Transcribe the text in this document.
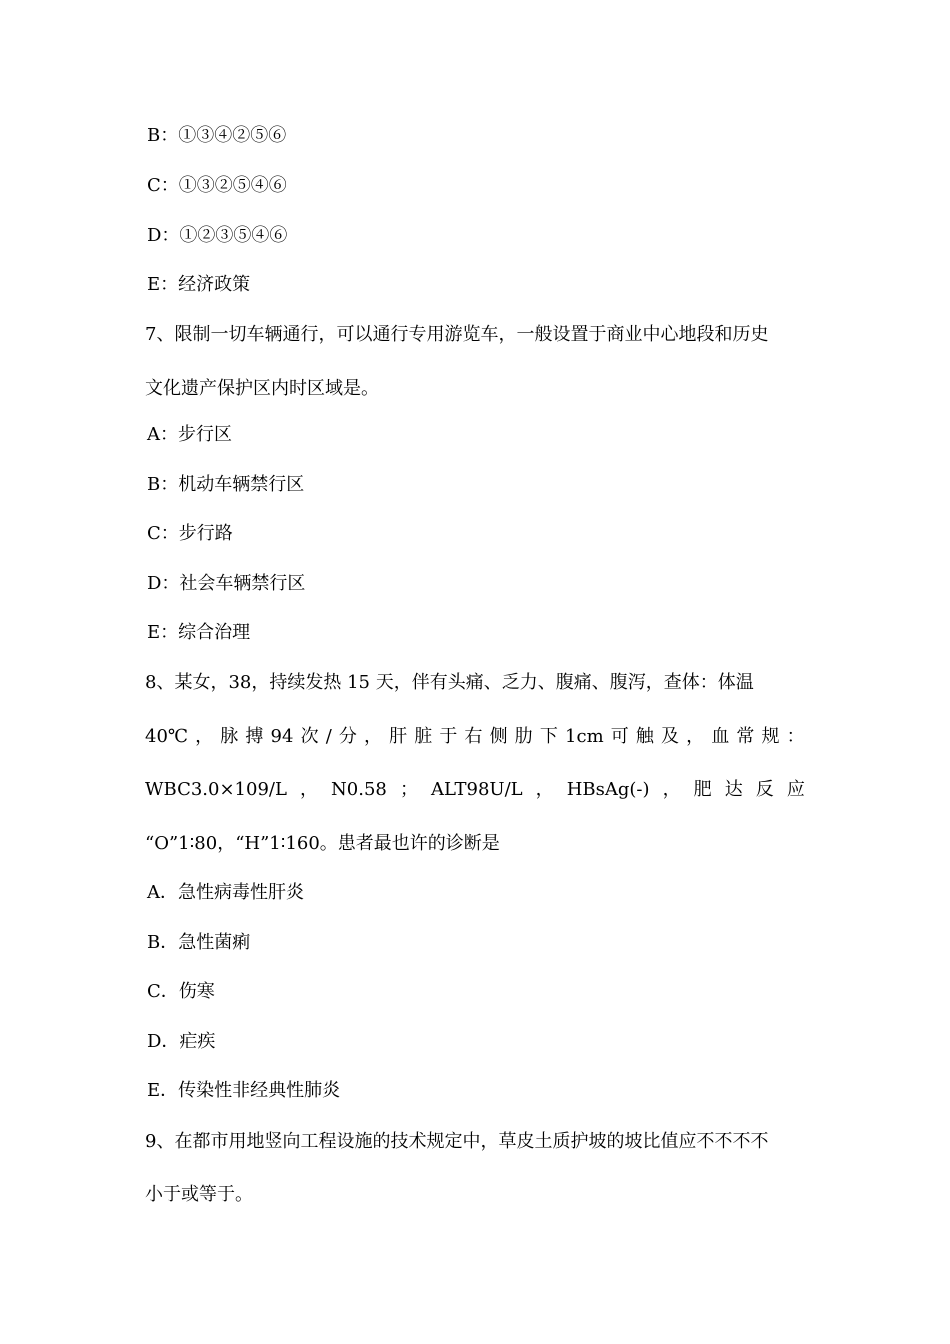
B：①③④②⑤⑥
C：①③②⑤④⑥
D：①②③⑤④⑥
E：经济政策
7、限制一切车辆通行，可以通行专用游览车，一般设置于商业中心地段和历史
文化遗产保护区内时区域是。
A：步行区
B：机动车辆禁行区
C：步行路
D：社会车辆禁行区
E：综合治理
8、某女，38，持续发热 15 天，伴有头痛、乏力、腹痛、腹泻，查体：体温
40℃ ， 脉 搏 94 次 / 分 ， 肝 脏 于 右 侧 肋 下 1cm 可 触 及 ， 血 常 规 ：
WBC3.0×109/L ， N0.58 ； ALT98U/L ， HBsAg(-) ， 肥 达 反 应
“O”1∶80，“H”1∶160。患者最也许的诊断是
A．急性病毒性肝炎
B．急性菌痢
C．伤寒
D．疟疾
E．传染性非经典性肺炎
9、在都市用地竖向工程设施的技术规定中，草皮土质护坡的坡比值应不不不不
小于或等于。
